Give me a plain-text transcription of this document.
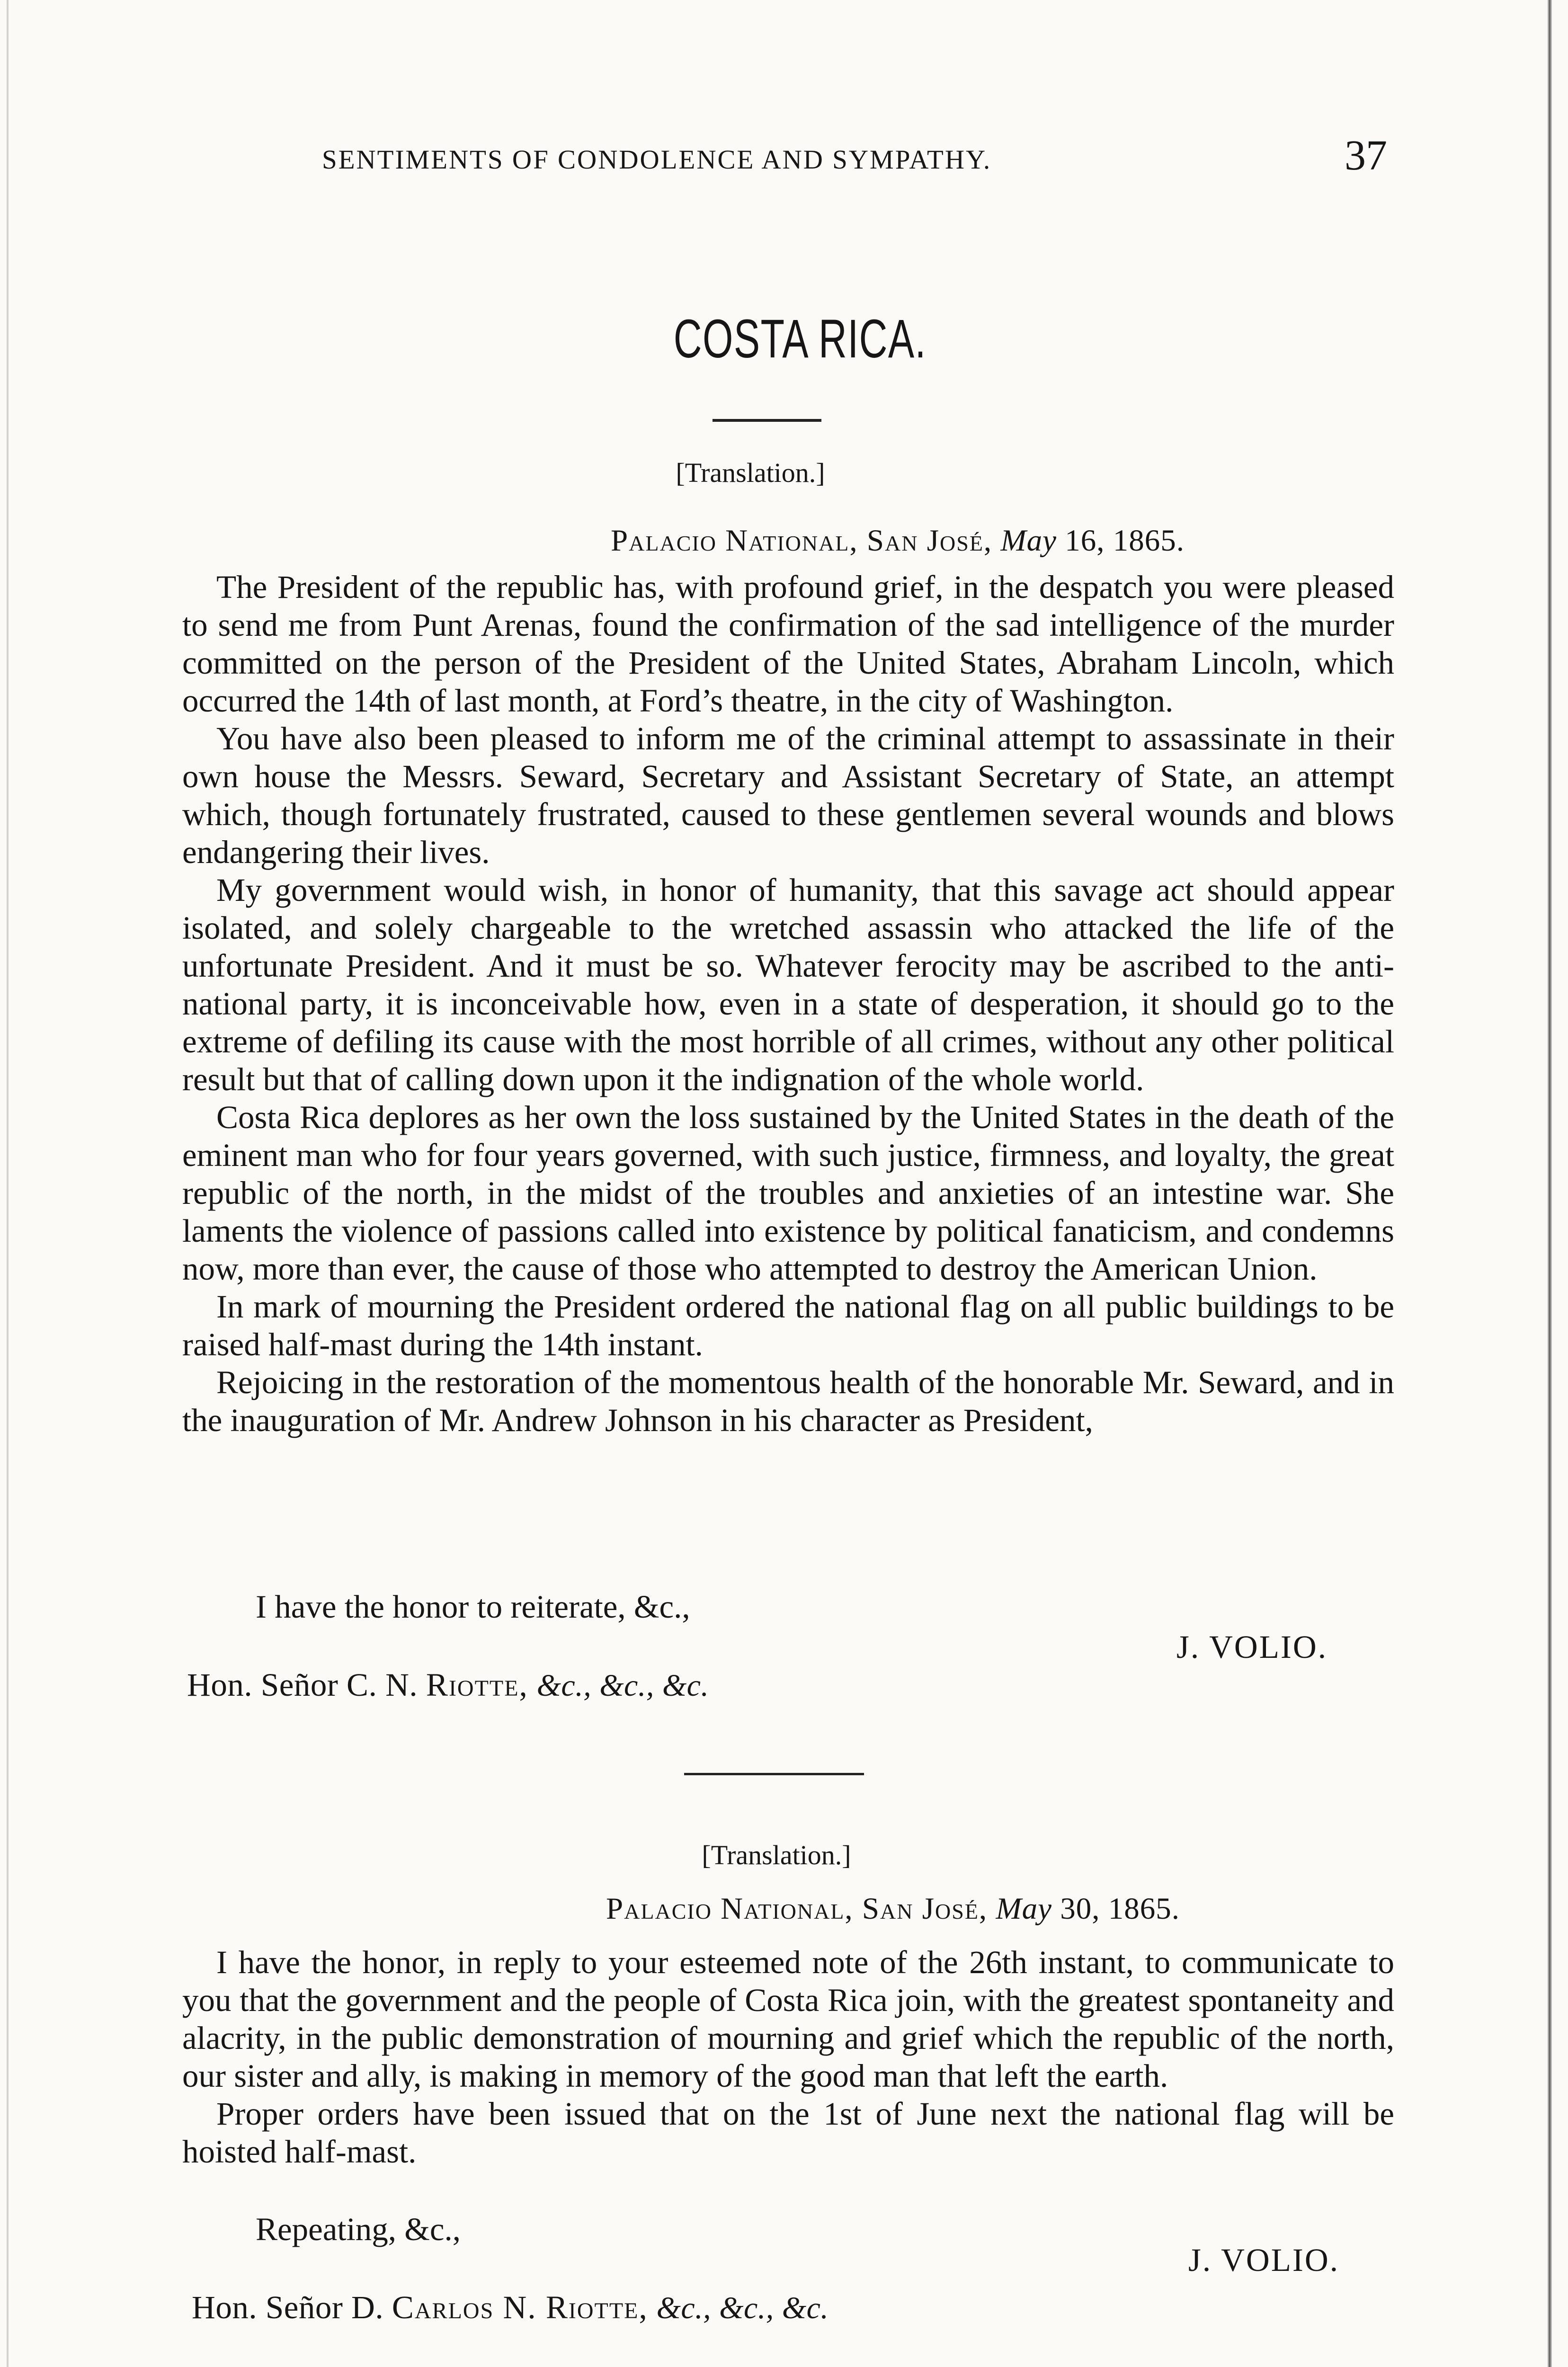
SENTIMENTS OF CONDOLENCE AND SYMPATHY.	37
COSTA RICA.
[Translation.]
Palacio National, San José, May 16, 1865.

The President of the republic has, with profound grief, in the despatch you were pleased to send me from Punt Arenas, found the confirmation of the sad intelligence of the murder committed on the person of the President of the United States, Abraham Lincoln, which occurred the 14th of last month, at Ford’s theatre, in the city of Washington.

You have also been pleased to inform me of the criminal attempt to assassinate in their own house the Messrs. Seward, Secretary and Assistant Secretary of State, an attempt which, though fortunately frustrated, caused to these gentlemen several wounds and blows endangering their lives.

My government would wish, in honor of humanity, that this savage act should appear isolated, and solely chargeable to the wretched assassin who attacked the life of the unfortunate President. And it must be so. Whatever ferocity may be ascribed to the anti-national party, it is inconceivable how, even in a state of desperation, it should go to the extreme of defiling its cause with the most horrible of all crimes, without any other political result but that of calling down upon it the indignation of the whole world.

Costa Rica deplores as her own the loss sustained by the United States in the death of the eminent man who for four years governed, with such justice, firmness, and loyalty, the great republic of the north, in the midst of the troubles and anxieties of an intestine war. She laments the violence of passions called into existence by political fanaticism, and condemns now, more than ever, the cause of those who attempted to destroy the American Union.

In mark of mourning the President ordered the national flag on all public buildings to be raised half-mast during the 14th instant.

Rejoicing in the restoration of the momentous health of the honorable Mr. Seward, and in the inauguration of Mr. Andrew Johnson in his character as President,

I have the honor to reiterate, &c.,
J. VOLIO.
Hon. Señor C. N. Riotte, &c., &c., &c.
[Translation.]
Palacio National, San José, May 30, 1865.

I have the honor, in reply to your esteemed note of the 26th instant, to communicate to you that the government and the people of Costa Rica join, with the greatest spontaneity and alacrity, in the public demonstration of mourning and grief which the republic of the north, our sister and ally, is making in memory of the good man that left the earth.

Proper orders have been issued that on the 1st of June next the national flag will be hoisted half-mast.

Repeating, &c.,
J. VOLIO.
Hon. Señor D. Carlos N. Riotte, &c., &c., &c.
